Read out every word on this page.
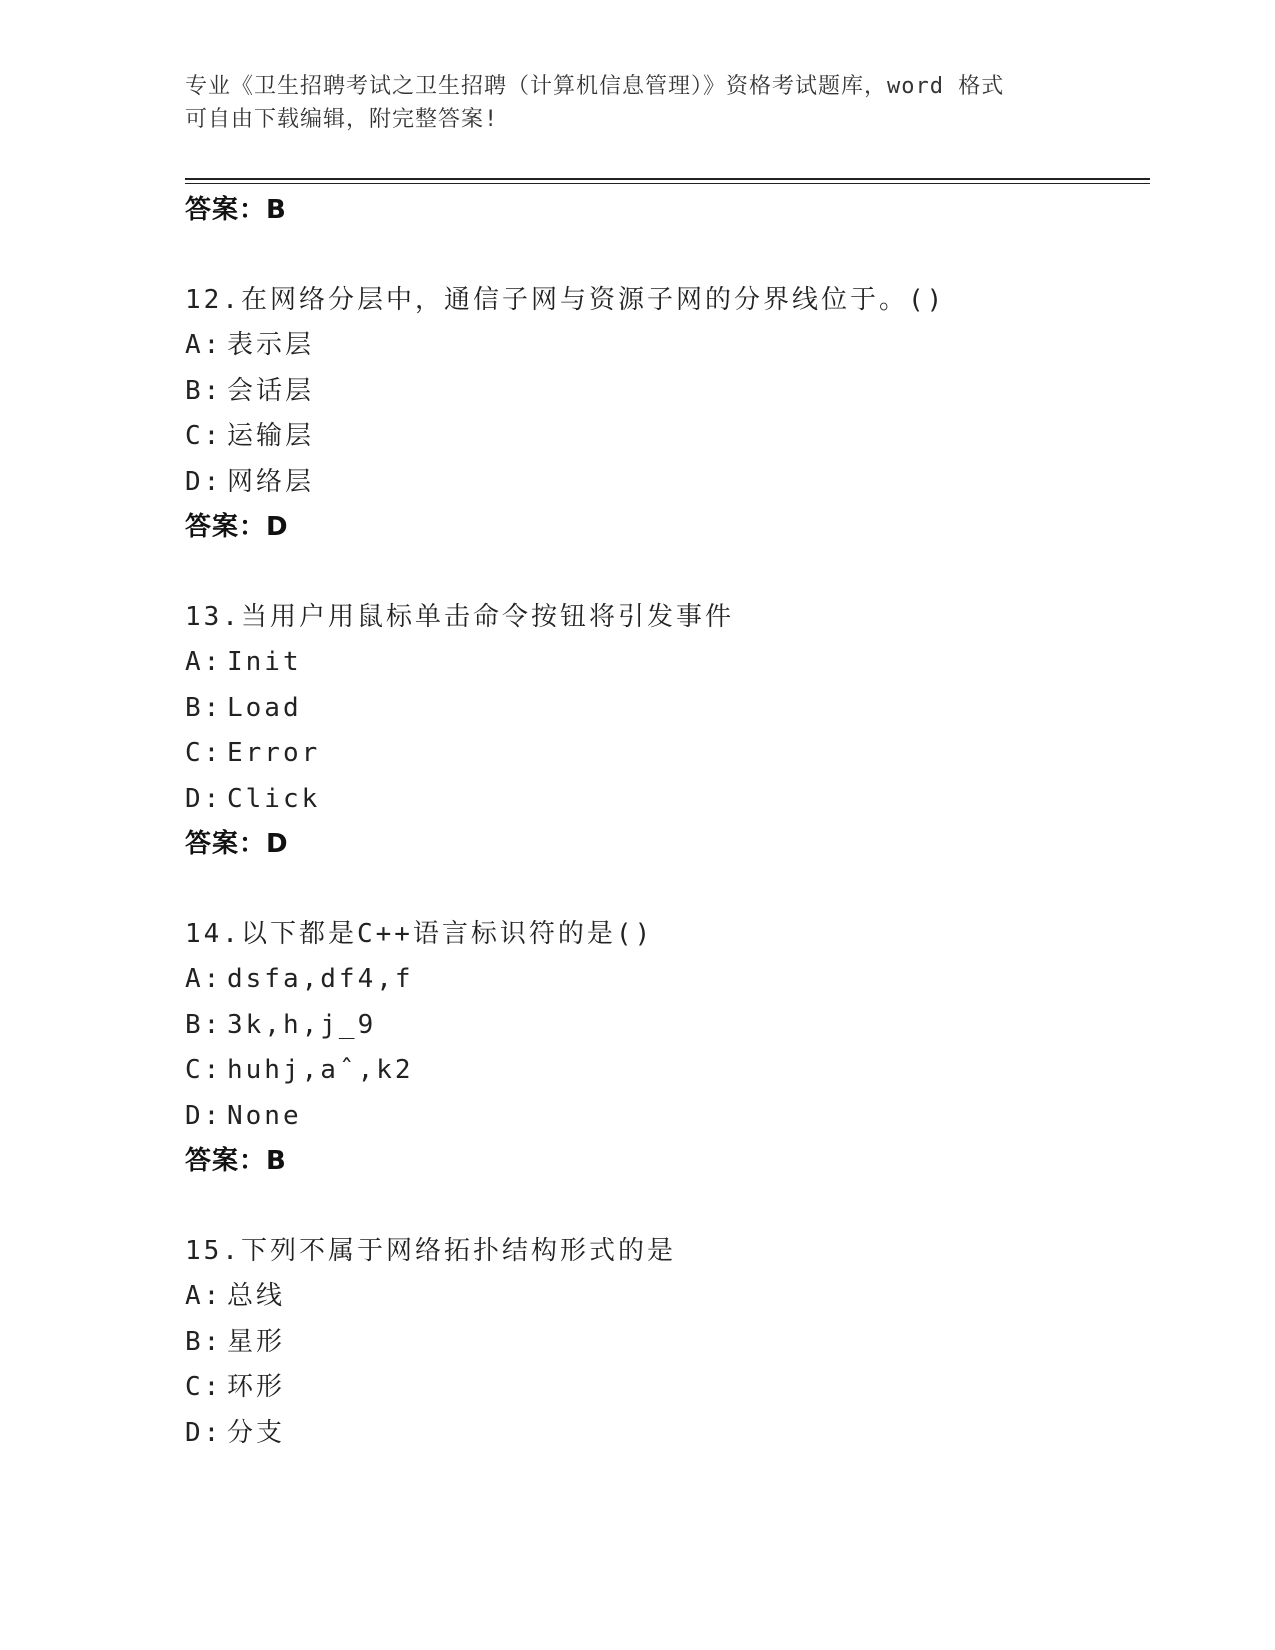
专业《卫生招聘考试之卫生招聘（计算机信息管理）》资格考试题库，word 格式
可自由下载编辑，附完整答案!
答案：B
12.在网络分层中，通信子网与资源子网的分界线位于。()
A: 表示层
B: 会话层
C: 运输层
D: 网络层
答案：D
13.当用户用鼠标单击命令按钮将引发事件
A: Init
B: Load
C: Error
D: Click
答案：D
14.以下都是C++语言标识符的是()
A: dsfa,df4,f
B: 3k,h,j_9
C: huhj,aˆ,k2
D: None
答案：B
15.下列不属于网络拓扑结构形式的是
A: 总线
B: 星形
C: 环形
D: 分支
